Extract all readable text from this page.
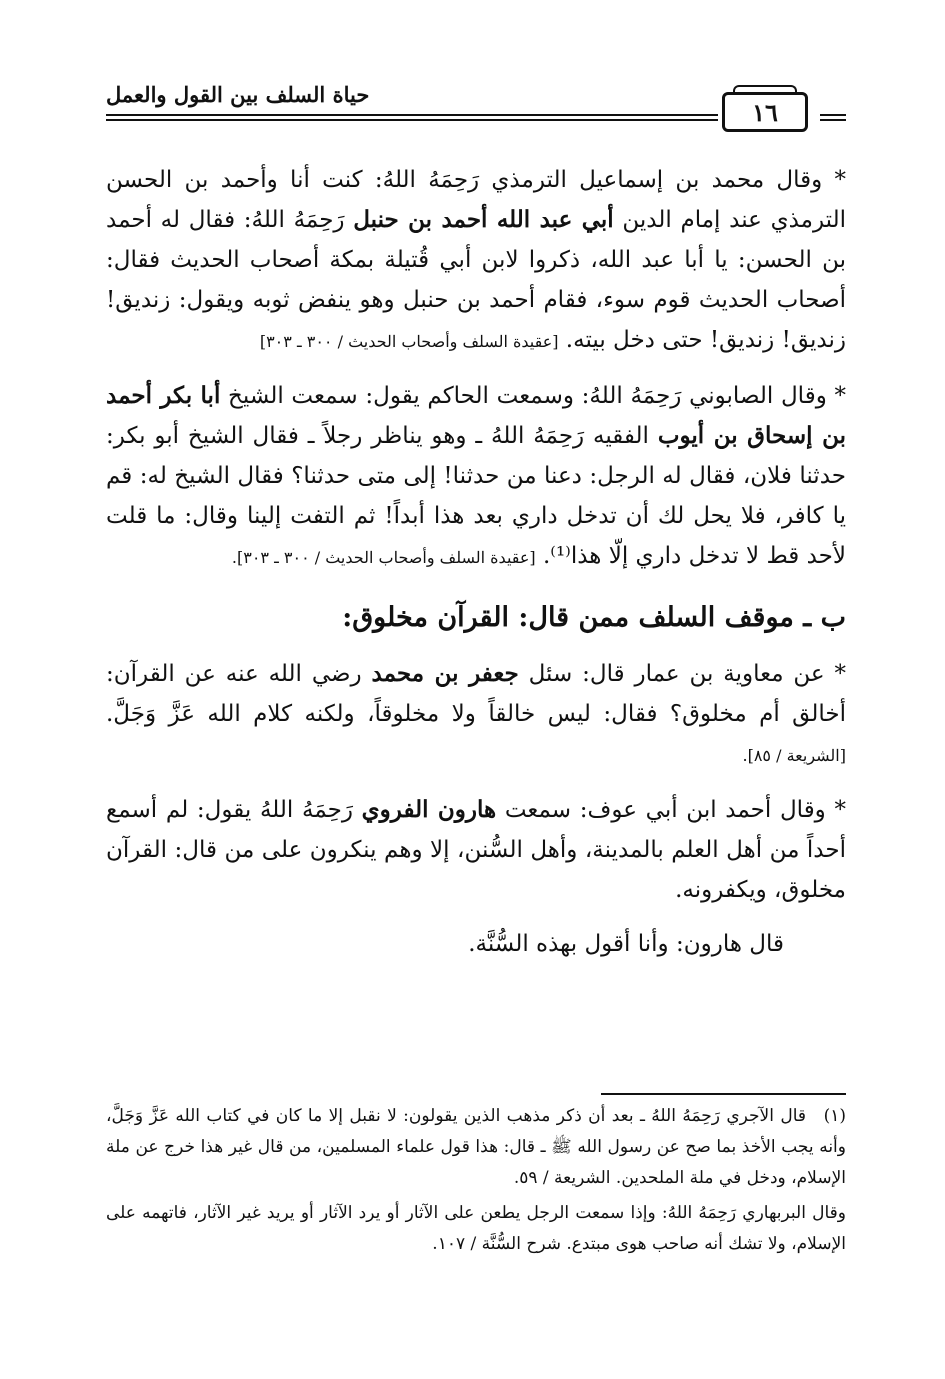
حياة السلف بين القول والعمل
١٦

* وقال محمد بن إسماعيل الترمذي رَحِمَهُ اللهُ: كنت أنا وأحمد بن الحسن الترمذي عند إمام الدين أبي عبد الله أحمد بن حنبل رَحِمَهُ اللهُ: فقال له أحمد بن الحسن: يا أبا عبد الله، ذكروا لابن أبي قُتيلة بمكة أصحاب الحديث فقال: أصحاب الحديث قوم سوء، فقام أحمد بن حنبل وهو ينفض ثوبه ويقول: زنديق! زنديق! زنديق! حتى دخل بيته. [عقيدة السلف وأصحاب الحديث / ٣٠٠ ـ ٣٠٣]

* وقال الصابوني رَحِمَهُ اللهُ: وسمعت الحاكم يقول: سمعت الشيخ أبا بكر أحمد بن إسحاق بن أيوب الفقيه رَحِمَهُ اللهُ ـ وهو يناظر رجلاً ـ فقال الشيخ أبو بكر: حدثنا فلان، فقال له الرجل: دعنا من حدثنا! إلى متى حدثنا؟ فقال الشيخ له: قم يا كافر، فلا يحل لك أن تدخل داري بعد هذا أبداً! ثم التفت إلينا وقال: ما قلت لأحد قط لا تدخل داري إلّا هذا⁽¹⁾. [عقيدة السلف وأصحاب الحديث / ٣٠٠ ـ ٣٠٣].

ب ـ موقف السلف ممن قال: القرآن مخلوق:

* عن معاوية بن عمار قال: سئل جعفر بن محمد رضي الله عنه عن القرآن: أخالق أم مخلوق؟ فقال: ليس خالقاً ولا مخلوقاً، ولكنه كلام الله عَزَّ وَجَلَّ. [الشريعة / ٨٥].

* وقال أحمد ابن أبي عوف: سمعت هارون الفروي رَحِمَهُ اللهُ يقول: لم أسمع أحداً من أهل العلم بالمدينة، وأهل السُّنن، إلا وهم ينكرون على من قال: القرآن مخلوق، ويكفرونه.

قال هارون: وأنا أقول بهذه السُّنَّة.

(١)قال الآجري رَحِمَهُ اللهُ ـ بعد أن ذكر مذهب الذين يقولون: لا نقبل إلا ما كان في كتاب الله عَزَّ وَجَلَّ، وأنه يجب الأخذ بما صح عن رسول الله ﷺ ـ قال: هذا قول علماء المسلمين، من قال غير هذا خرج عن ملة الإسلام، ودخل في ملة الملحدين. الشريعة / ٥٩.

وقال البربهاري رَحِمَهُ اللهُ: وإذا سمعت الرجل يطعن على الآثار أو يرد الآثار أو يريد غير الآثار، فاتهمه على الإسلام، ولا تشك أنه صاحب هوى مبتدع. شرح السُّنَّة / ١٠٧.
